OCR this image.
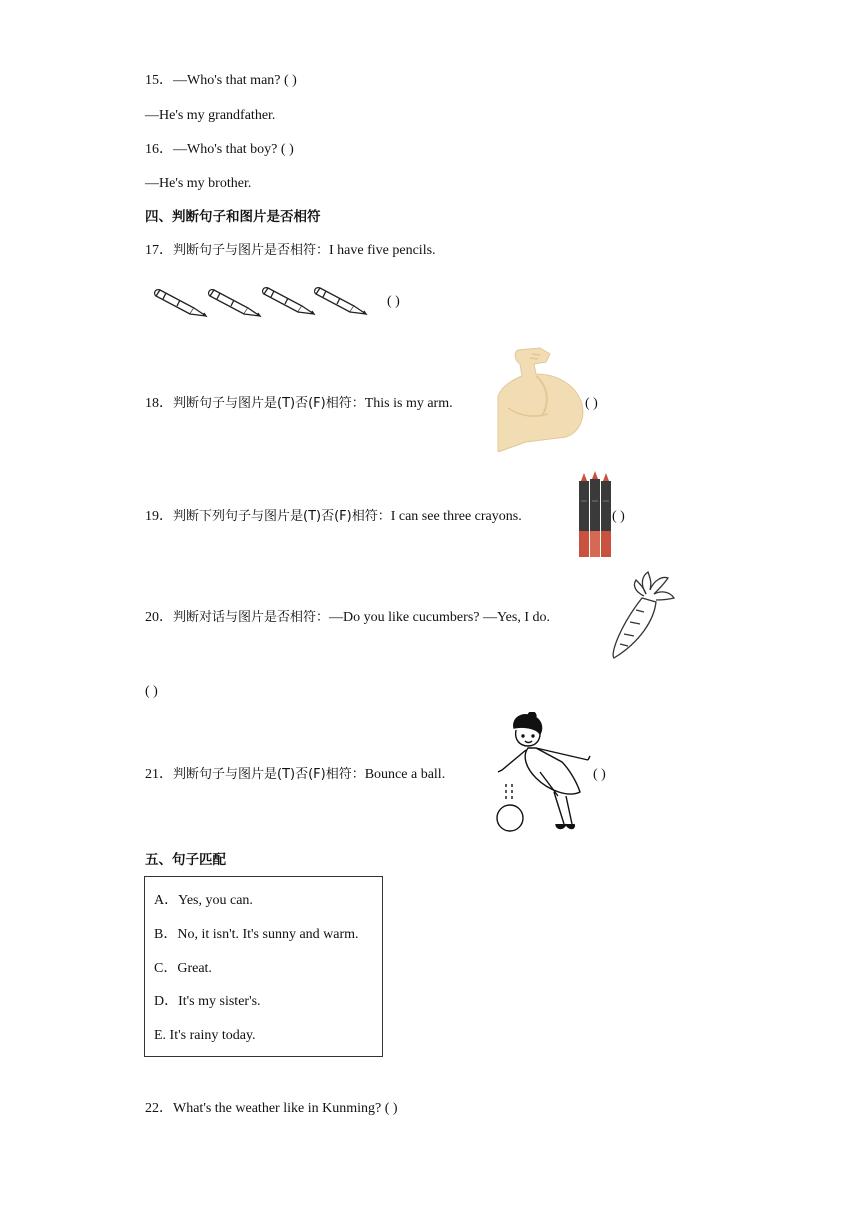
15．—Who's that man? ( )
—He's my grandfather.
16．—Who's that boy? ( )
—He's my brother.
四、判断句子和图片是否相符
17．判断句子与图片是否相符：I have five pencils.
( )
18．判断句子与图片是(T)否(F)相符：This is my arm.	( )
19．判断下列句子与图片是(T)否(F)相符：I can see three crayons.	( )
20．判断对话与图片是否相符：—Do you like cucumbers? —Yes, I do.
( )
21．判断句子与图片是(T)否(F)相符：Bounce a ball.	( )
五、句子匹配
A．Yes, you can.
B．No, it isn't. It's sunny and warm.
C．Great.
D．It's my sister's.
E. It's rainy today.
22．What's the weather like in Kunming? ( )
